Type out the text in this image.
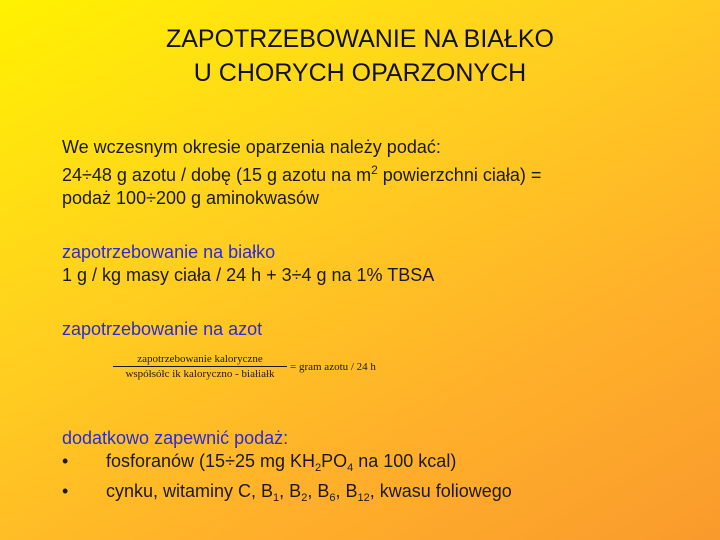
ZAPOTRZEBOWANIE NA BIAŁKO
U CHORYCH OPARZONYCH
We wczesnym okresie oparzenia należy podać:
24÷48 g azotu / dobę (15 g azotu na $m^2$ powierzchni ciała) =
podaż 100÷200 g aminokwasów
zapotrzebowanie na białko
1 g / kg masy ciała / 24 h + 3÷4 g na 1% TBSA
zapotrzebowanie na azot
$\frac{\text{zapotrzebowanie kaloryczne}}{\text{współsółc ik kaloryczno - białiałk}}$ = gram azotu / 24 h
dodatkowo zapewnić podaż:
•	fosforanów (15÷25 mg $KH_2PO_4$ na 100 kcal)
•	cynku, witaminy C, $B_1$, $B_2$, $B_6$, $B_{12}$, kwasu foliowego
